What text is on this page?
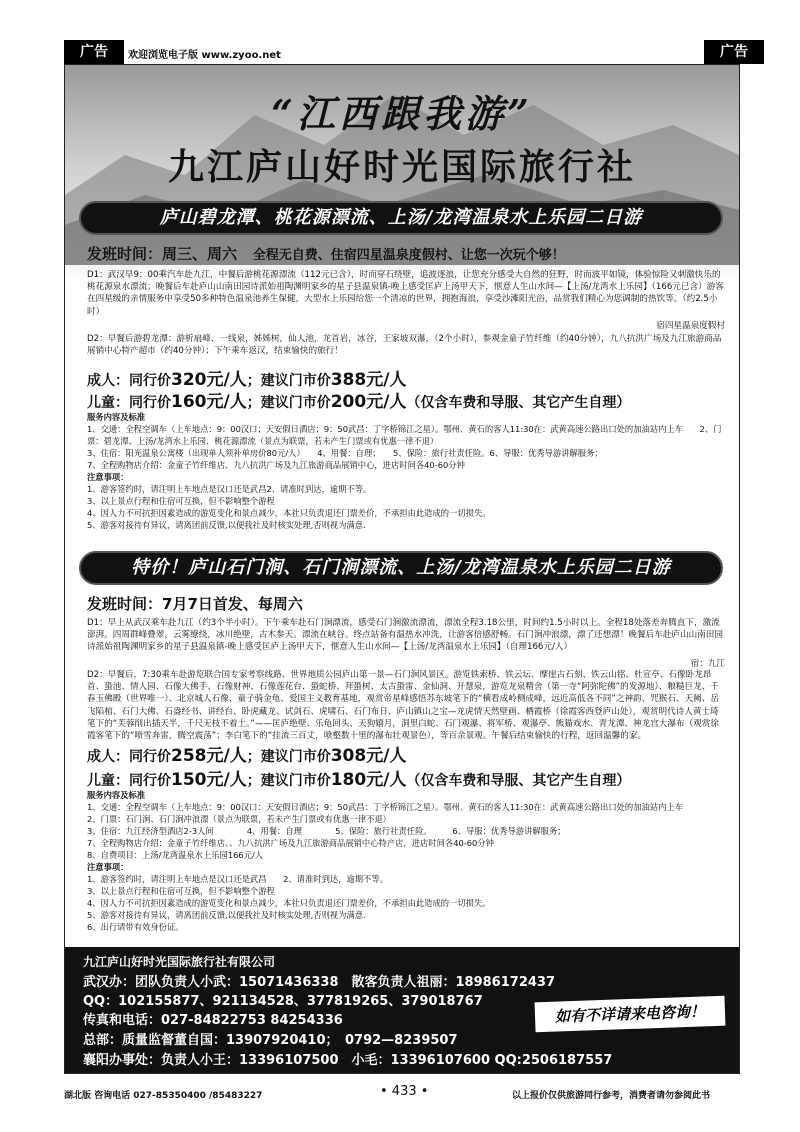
广告	欢迎浏览电子版 www.zyoo.net	广告
“江西跟我游”
九江庐山好时光国际旅行社
庐山碧龙潭、桃花源漂流、上汤/龙湾温泉水上乐园二日游
发班时间：周三、周六 全程无自费、住宿四星温泉度假村、让您一次玩个够！
D1：武汉早9：00乘汽车赴九江，中餐后游桃花源漂流（112元已含），时而穿石绕壁，追波逐浪，让您充分感受大自然的狂野，时而波平如镜，体验惊险又刺激快乐的桃花源泉水漂流；晚餐后车赴庐山山南田园诗派始祖陶渊明家乡的星子县温泉镇-晚上感受匡庐上汤甲天下，惬意人生山水间—【上汤/龙湾水上乐园】（166元已含）游客在四星级的亲情服务中享受50多种特色温泉池养生保健，大型水上乐园给您一个清凉的世界，拥抱海浪，享受沙滩阳光浴，品赏我们精心为您调制的热饮等。（约2.5小时）
宿四星温泉度假村
D2：早餐后游碧龙潭：游析扇峰、一线泉，姊姊树，仙人池，龙首岩，冰谷，王家坡双瀑，（2个小时），参观金童子竹纤维（约40分钟），九八抗洪广场及九江旅游商品展销中心特产超市（约40分钟）；下午乘车返汉，结束愉快的旅行！
成人：同行价320元/人；建议门市价388元/人
儿童：同行价160元/人；建议门市价200元/人（仅含车费和导服、其它产生自理）
服务内容及标准
1、交通：全程空调车（上车地点：9：00汉口；天安假日酒店；9：50武昌：丁字桥锦江之星）。鄂州、黄石的客人11:30在：武黄高速公路出口处的加油站内上车　　2、门票：碧龙潭、上汤/龙湾水上乐园、桃花源漂流（景点为联票，若未产生门票或有优惠一律不退）
3、住宿：阳光温泉公寓楼（出现单人须补单房价80元/人）　　4、用餐：自理；　　5、保险：旅行社责任险。6、导服：优秀导游讲解服务；
7、全程购物店介绍：金童子竹纤维店、九八抗洪广场及九江旅游商品展销中心，进店时间各40-60分钟
注意事项：
1、游客签约时，请注明上车地点是汉口还是武昌2、请准时到达，逾期不等。
3、以上景点行程和住宿可互换，但不影响整个游程
4、因人力不可抗拒因素造成的游览变化和景点减少，本社只负责退还门票差价，不承担由此造成的一切损失。
5、游客对接待有异议，请离团前反馈,以便我社及时核实处理,否则视为满意.
特价！庐山石门涧、石门涧漂流、上汤/龙湾温泉水上乐园二日游
发班时间：7月7日首发、每周六
D1：早上从武汉乘车赴九江（约3个半小时）。下午乘车赴石门涧漂流，感受石门涧激流漂流，漂流全程3.18公里，时间约1.5小时以上。全程18处落差奔腾直下，激流澎湃。四周群峰叠翠，云雾缭绕，冰川绝壁，古木参天。漂流在峡谷。终点站备有温热水冲洗，让游客倍感舒畅。石门涧冲浪漂，漂了还想漂！晚餐后车赴庐山山南田园诗派始祖陶渊明家乡的星子县温泉镇-晚上感受匡庐上汤甲天下，惬意人生山水间—【上汤/龙湾温泉水上乐园】（自理166元/人）
宿：九江
D2：早餐后，7:30乘车赴游览联合国专家考察线路、世界地质公园庐山第一景—石门涧风景区。游览铁索桥、铁云坛、摩崖古石刻、铁云山铭、杜宣亭、石像卧龙昂首、蛩池、情人园、石像大佛手、石像财神、石像莲花台、蛩蛇桥、拜蛩树、太古蛩雷、金仙洞、开慧泉，游览龙泉精舍（第一寺“阿弥陀佛”的发源地）、粮糙巨龙、千春玉佛殿（世界唯一）、北京城人石像、童子骑金龟、爱国主义教育基地，观赏帝星峰感悟苏东坡笔下的“横看成岭侧成峰，远近高低各不同”之神韵、咒猴石、天阙、岳飞陷棺、石门大佛、石盎经书、讲经台、卧虎藏龙、试剑石、虎啸石、石门布日、庐山镇山之宝—龙虎情天然壁画、栖霞桥（徐霞客西登庐山处），观赏明代诗人黄士琦笔下的“芙蓉削出插天半，千尺无枝不着土。”——匡庐绝壁、乐龟回头、天狗嬉月，洞里白蛇、石门观瀑、将军桥、观瀑亭、熊猫戏水、青龙潭、神龙宫大瀑布（观赏徐霞客笔下的“喷雪奔雷，腾空震荡”；李白笔下的“挂流三百丈，喷壑数十里的瀑布壮观景色），等百余景观。午餐后结束愉快的行程，返回温馨的家。
成人：同行价258元/人；建议门市价308元/人
儿童：同行价150元/人；建议门市价180元/人（仅含车费和导服、其它产生自理）
服务内容及标准
1、交通：全程空调车（上车地点：9：00汉口：天安假日酒店；9：50武昌：丁字桥锦江之星）。鄂州、黄石的客人11:30在：武黄高速公路出口处的加油站内上车　　　　　　2、门票：石门涧、石门涧冲浪漂（景点为联票，若未产生门票或有优惠一律不退）
3、住宿：九江经济型酒店2-3人间　　　　4、用餐：自理　　　　5、保险：旅行社责任险。　　　6、导服：优秀导游讲解服务；
7、全程购物店介绍：金童子竹纤维店、、九八抗洪广场及九江旅游商品展销中心特产店，进店时间各40-60分钟
8、自费项目：上汤/龙湾温泉水上乐园166元/人
注意事项：
1、游客签约时，请注明上车地点是汉口还是武昌　　2、请准时到达，逾期不等。
3、以上景点行程和住宿可互换，但不影响整个游程
4、因人力不可抗拒因素造成的游览变化和景点减少，本社只负责退还门票差价，不承担由此造成的一切损失。
5、游客对接待有异议，请离团前反馈,以便我社及时核实处理,否则视为满意.
6、出行请带有效身份证。
九江庐山好时光国际旅行社有限公司
武汉办：团队负责人小武：15071436338　散客负责人祖丽：18986172437
QQ：102155877、921134528、377819265、379018767
传真和电话：027-84822753 84254336
总部：质量监督董自国：13907920410；　0792—8239507
襄阳办事处：负责人小王：13396107500　小毛：13396107600 QQ:2506187557
如有不详请来电咨询！
湖北版 咨询电话 027-85350400 /85483227	• 433 •	以上报价仅供旅游同行参考，消费者请勿参阅此书
